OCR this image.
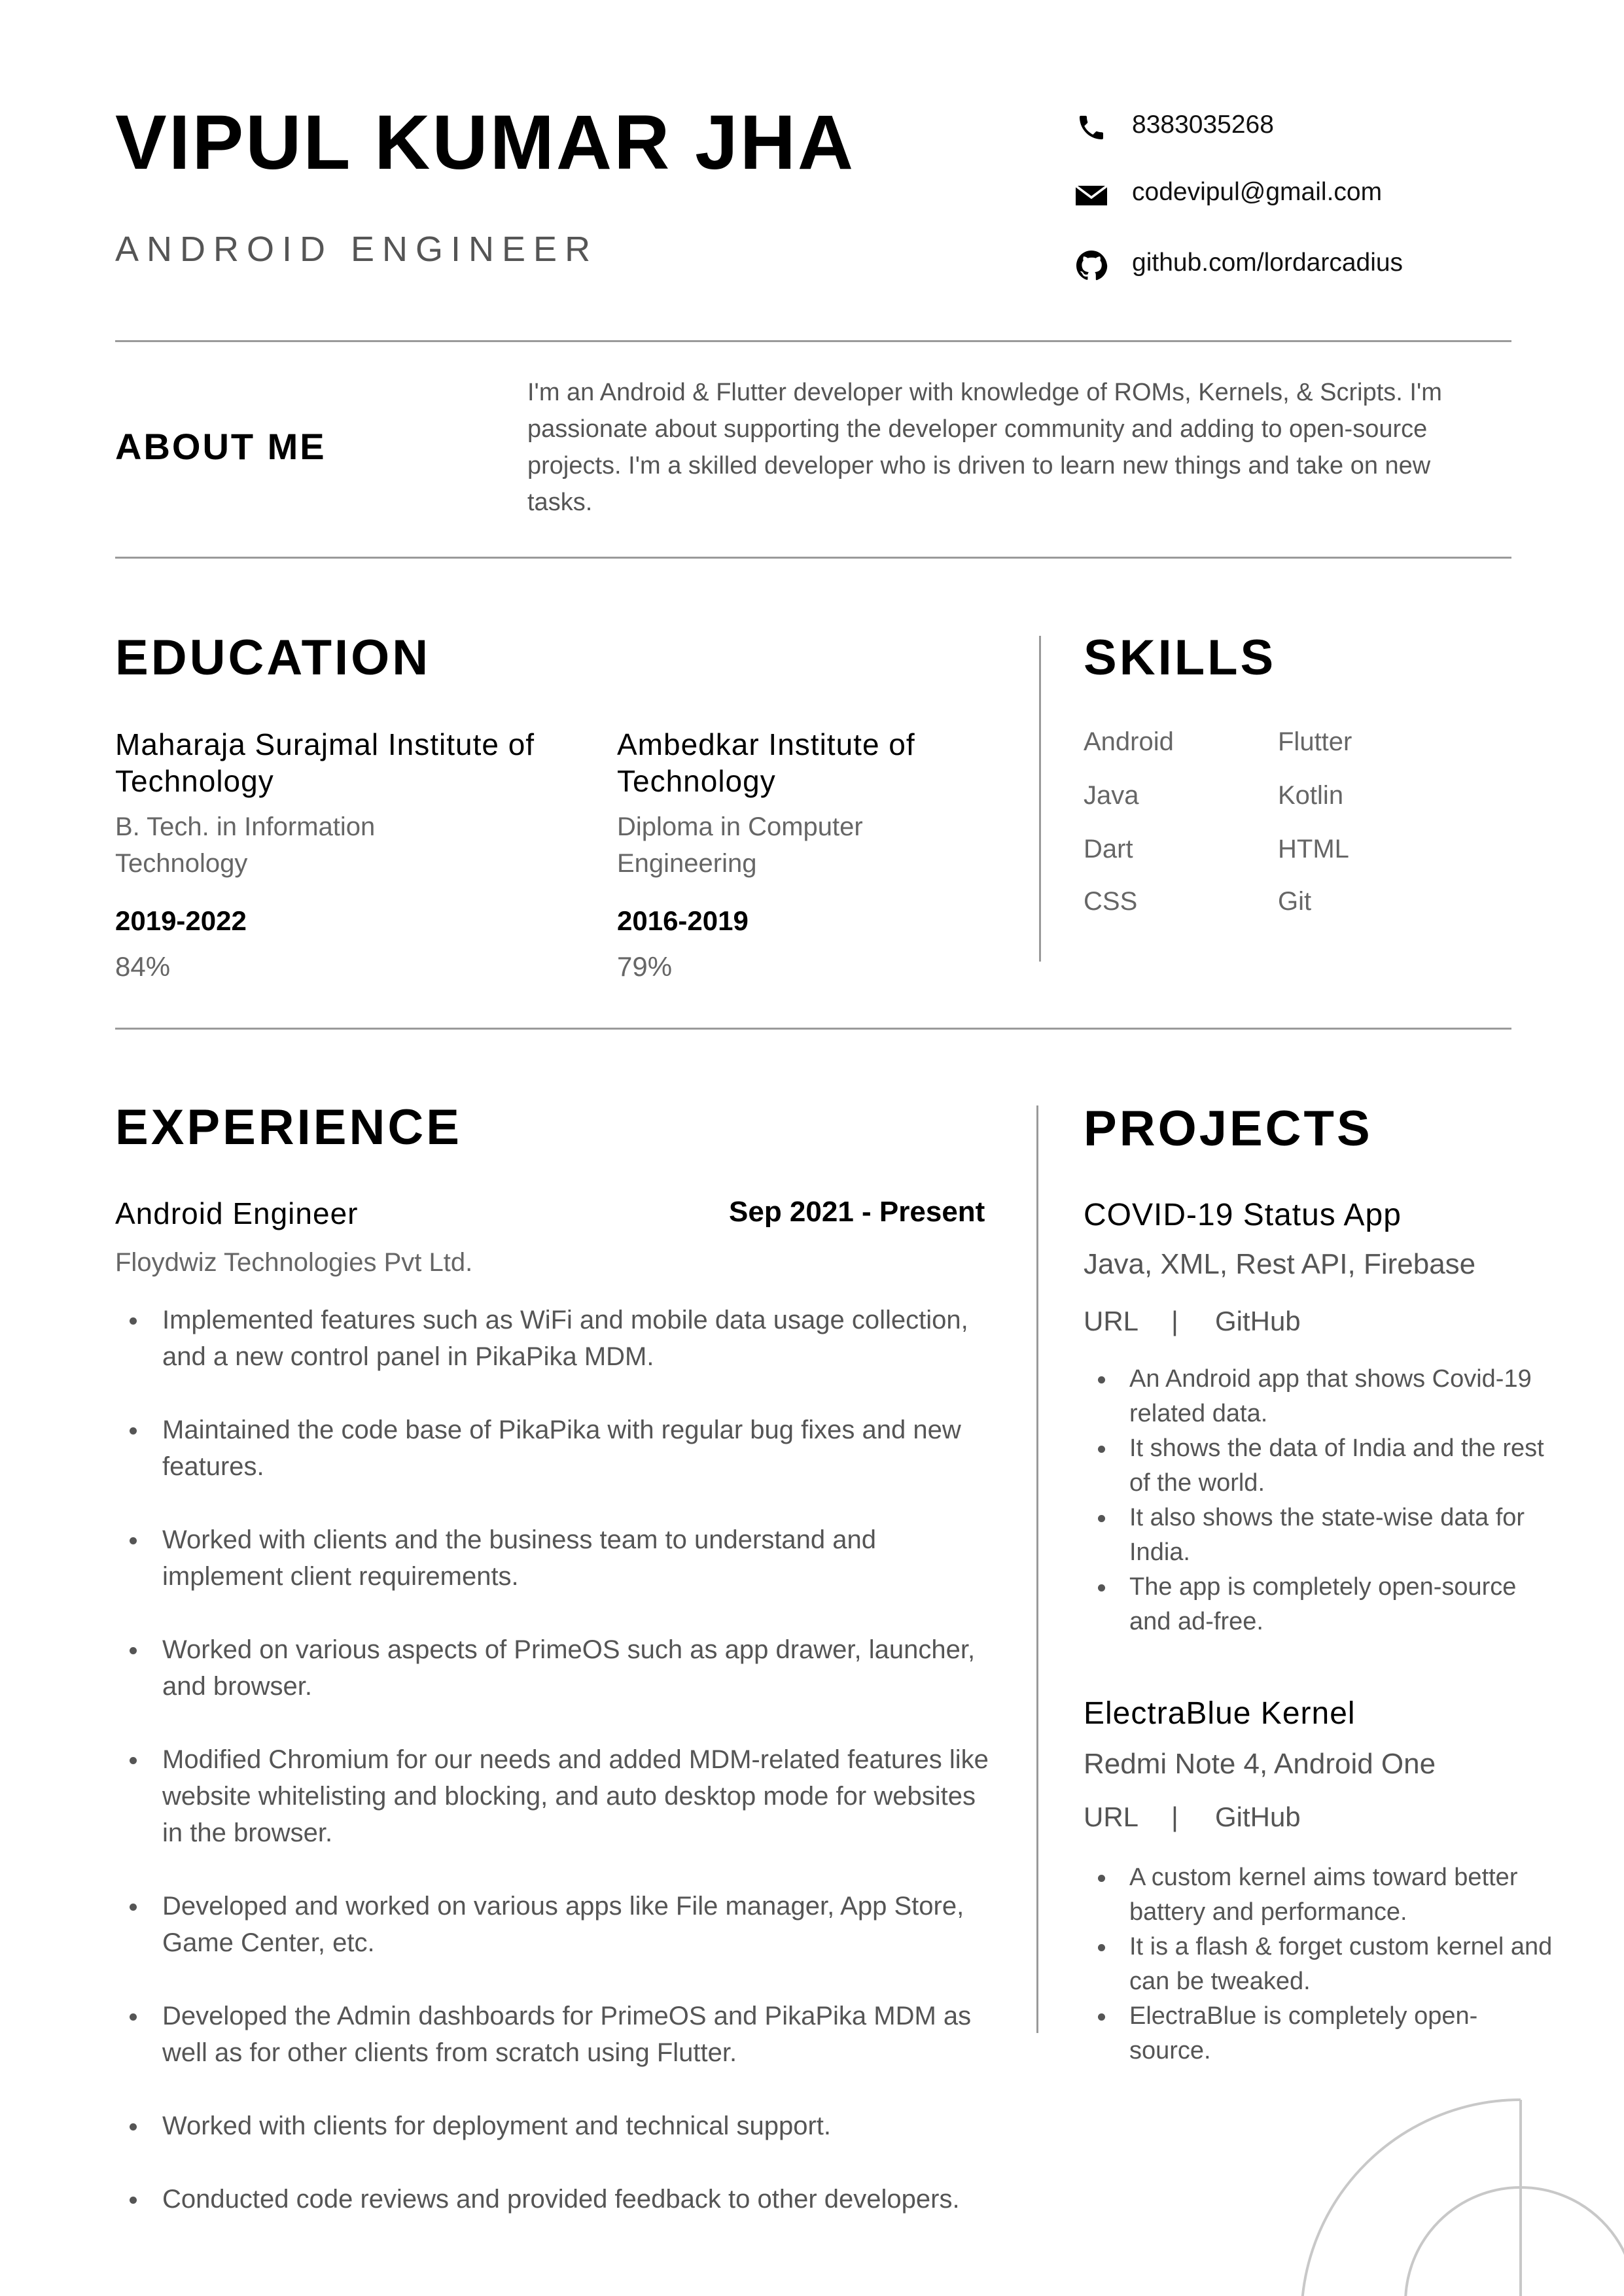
VIPUL KUMAR JHA
ANDROID ENGINEER
8383035268
codevipul@gmail.com
github.com/lordarcadius
ABOUT ME
I'm an Android & Flutter developer with knowledge of ROMs, Kernels, & Scripts. I'm passionate about supporting the developer community and adding to open-source projects. I'm a skilled developer who is driven to learn new things and take on new tasks.
EDUCATION
Maharaja Surajmal Institute of Technology
B. Tech. in Information Technology
2019-2022
84%
Ambedkar Institute of Technology
Diploma in Computer Engineering
2016-2019
79%
SKILLS
Android	Flutter
Java	Kotlin
Dart	HTML
CSS	Git
EXPERIENCE
Android Engineer	Sep 2021 - Present
Floydwiz Technologies Pvt Ltd.
Implemented features such as WiFi and mobile data usage collection, and a new control panel in PikaPika MDM.
Maintained the code base of PikaPika with regular bug fixes and new features.
Worked with clients and the business team to understand and implement client requirements.
Worked on various aspects of PrimeOS such as app drawer, launcher, and browser.
Modified Chromium for our needs and added MDM-related features like website whitelisting and blocking, and auto desktop mode for websites in the browser.
Developed and worked on various apps like File manager, App Store, Game Center, etc.
Developed the Admin dashboards for PrimeOS and PikaPika MDM as well as for other clients from scratch using Flutter.
Worked with clients for deployment and technical support.
Conducted code reviews and provided feedback to other developers.
PROJECTS
COVID-19 Status App
Java, XML, Rest API, Firebase
URL | GitHub
An Android app that shows Covid-19 related data.
It shows the data of India and the rest of the world.
It also shows the state-wise data for India.
The app is completely open-source and ad-free.
ElectraBlue Kernel
Redmi Note 4, Android One
URL | GitHub
A custom kernel aims toward better battery and performance.
It is a flash & forget custom kernel and can be tweaked.
ElectraBlue is completely open-source.
